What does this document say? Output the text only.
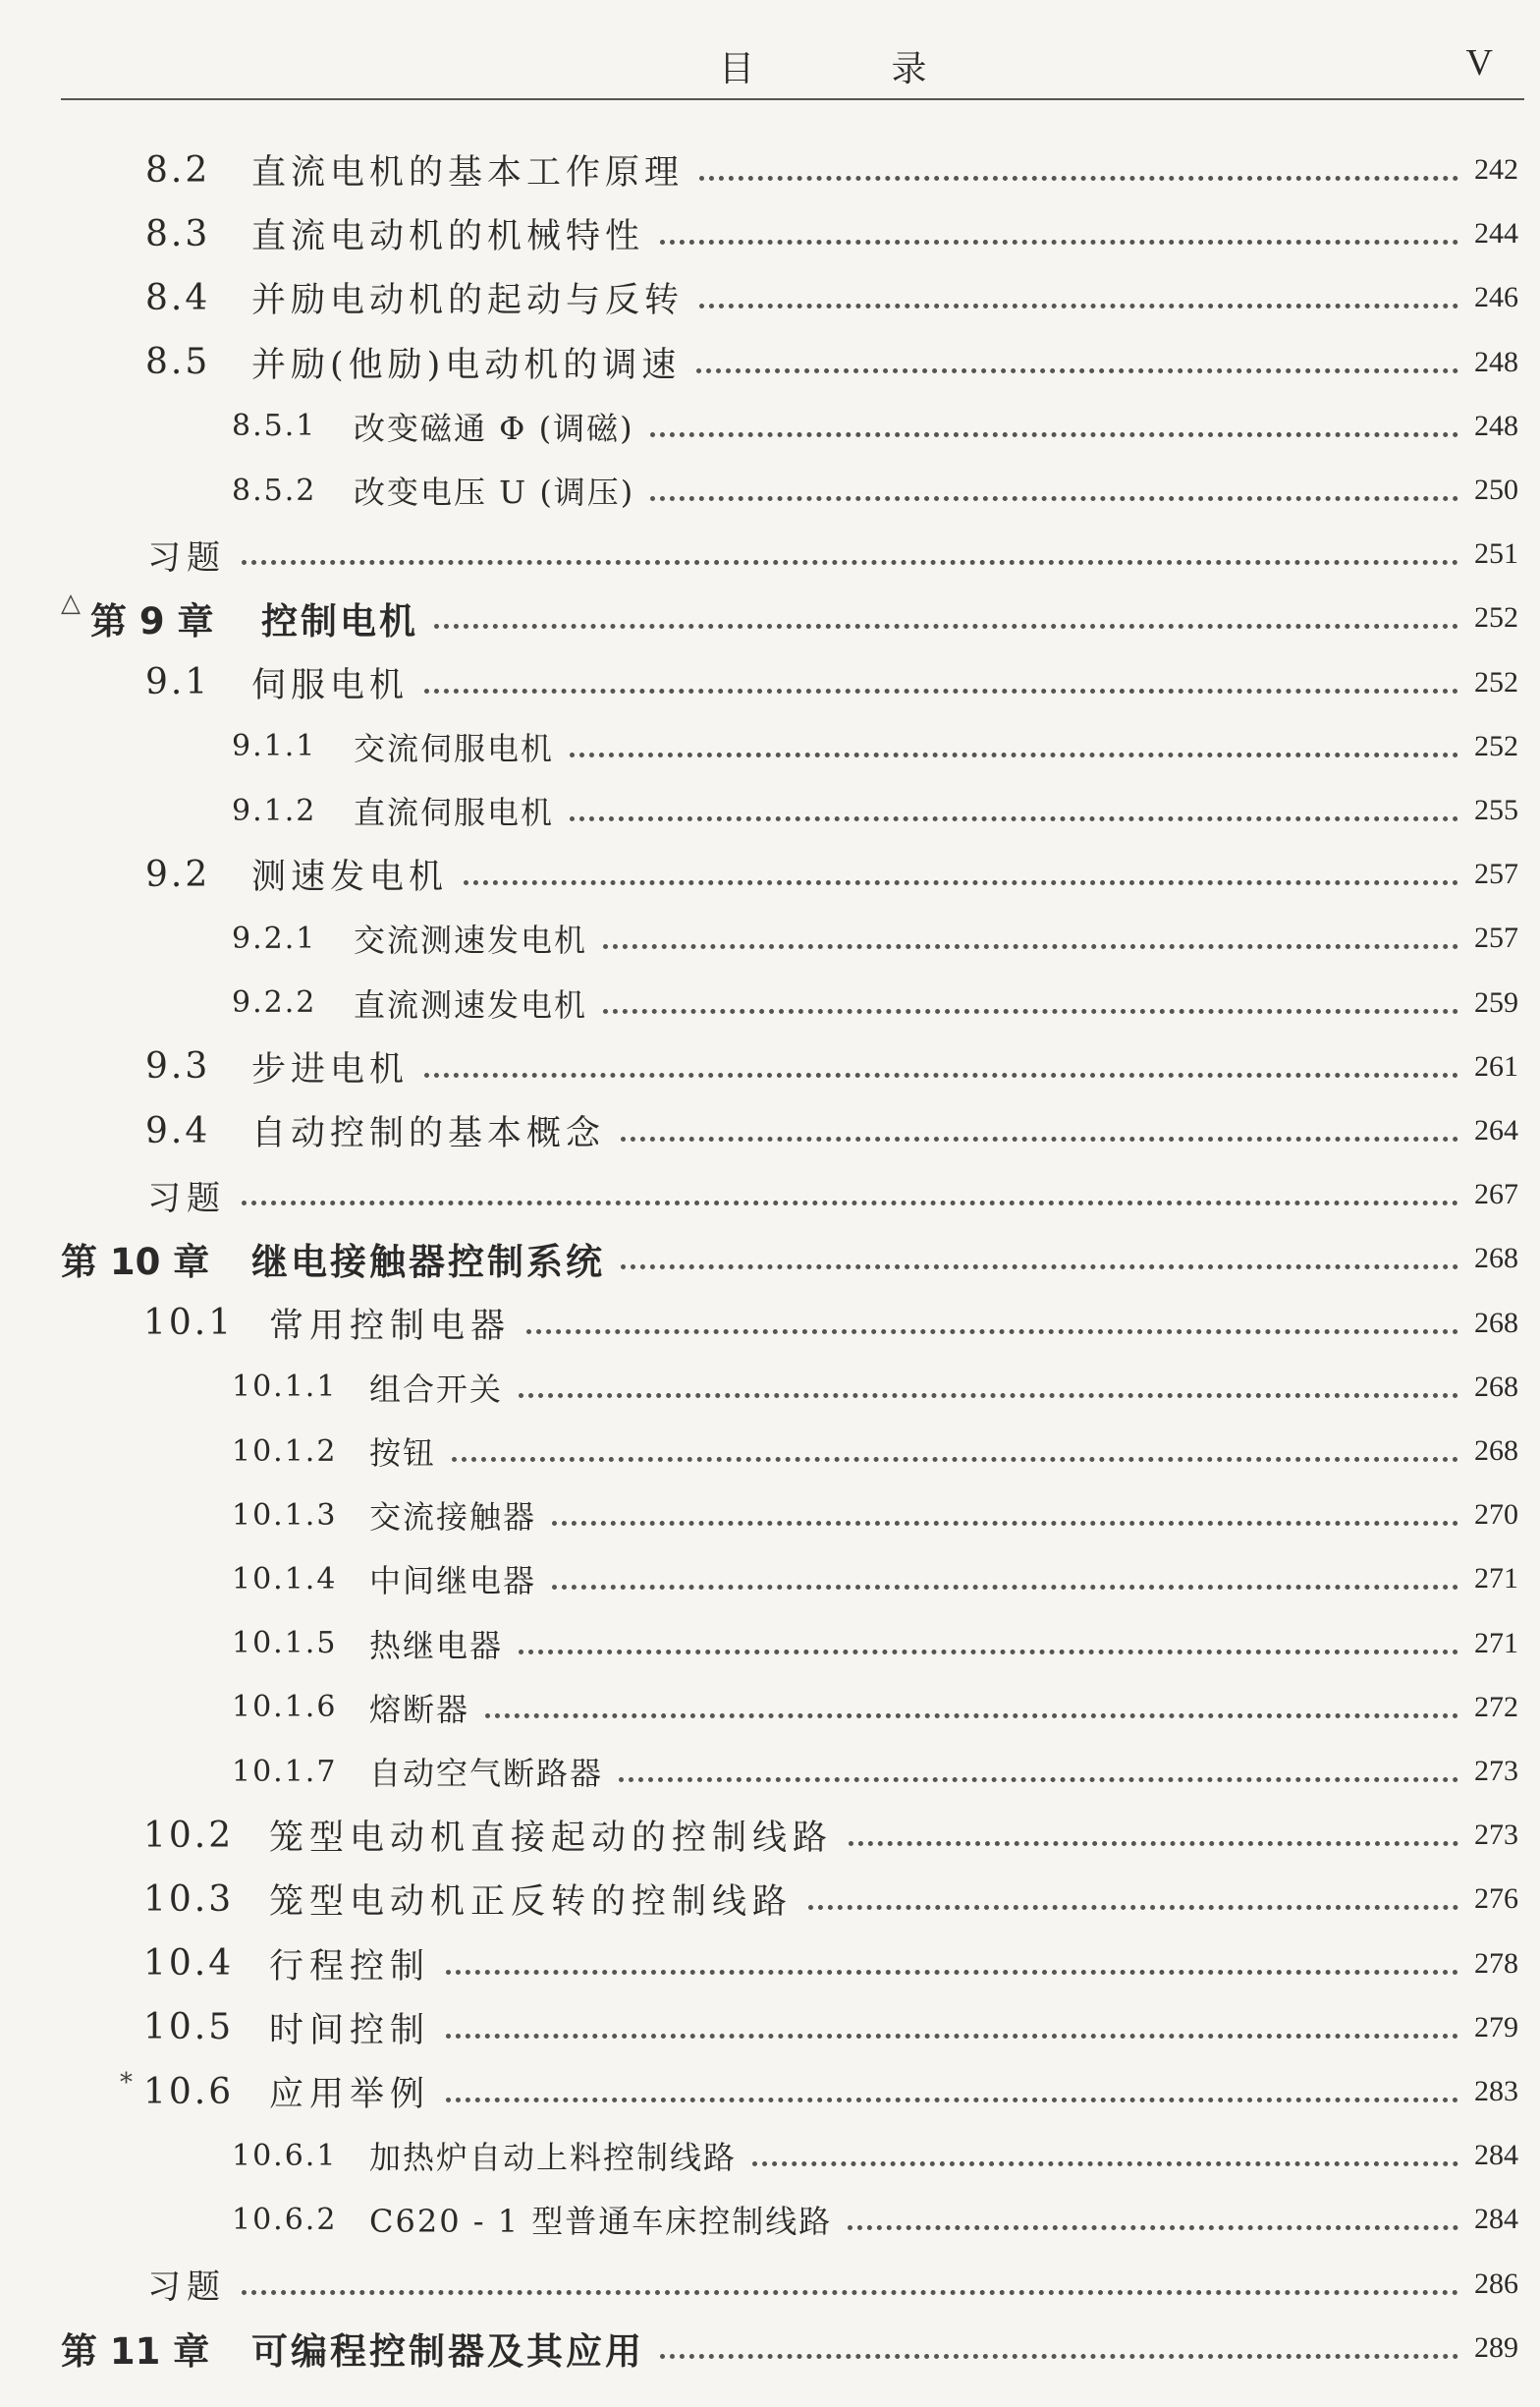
目 录	V
8.2 直流电机的基本工作原理	242
8.3 直流电动机的机械特性	244
8.4 并励电动机的起动与反转	246
8.5 并励(他励)电动机的调速	248
8.5.1 改变磁通 Φ (调磁)	248
8.5.2 改变电压 U (调压)	250
习题	251
△ 第 9 章 控制电机	252
9.1 伺服电机	252
9.1.1 交流伺服电机	252
9.1.2 直流伺服电机	255
9.2 测速发电机	257
9.2.1 交流测速发电机	257
9.2.2 直流测速发电机	259
9.3 步进电机	261
9.4 自动控制的基本概念	264
习题	267
第 10 章 继电接触器控制系统	268
10.1 常用控制电器	268
10.1.1 组合开关	268
10.1.2 按钮	268
10.1.3 交流接触器	270
10.1.4 中间继电器	271
10.1.5 热继电器	271
10.1.6 熔断器	272
10.1.7 自动空气断路器	273
10.2 笼型电动机直接起动的控制线路	273
10.3 笼型电动机正反转的控制线路	276
10.4 行程控制	278
10.5 时间控制	279
* 10.6 应用举例	283
10.6.1 加热炉自动上料控制线路	284
10.6.2 C620 - 1 型普通车床控制线路	284
习题	286
第 11 章 可编程控制器及其应用	289
